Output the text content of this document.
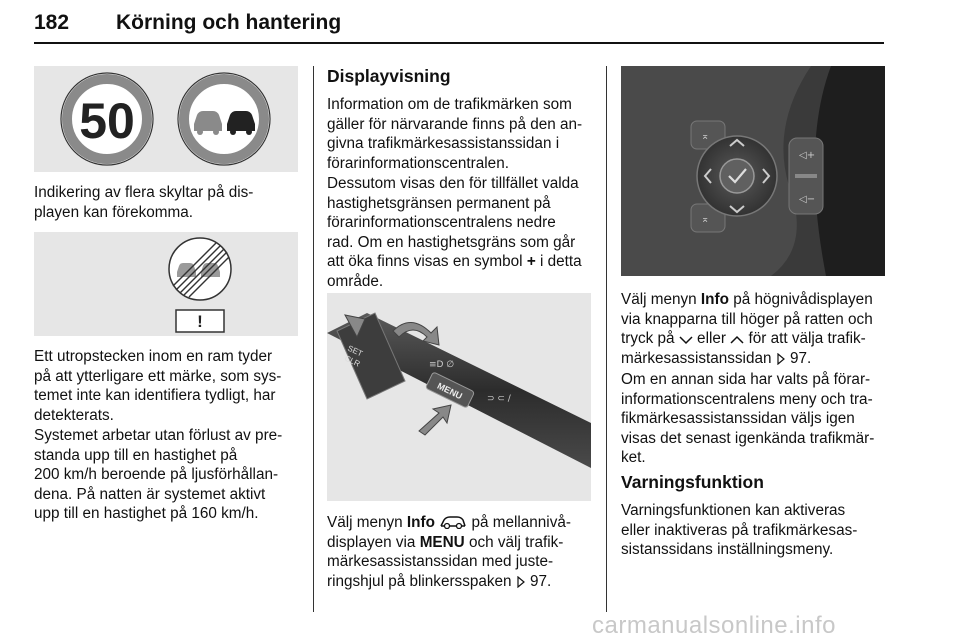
182 Körning och hantering
50

Indikering av flera skyltar på dis-
playen kan förekomma.

!

Ett utropstecken inom en ram tyder
på att ytterligare ett märke, som sys-
temet inte kan identifiera tydligt, har
detekterats.

Systemet arbetar utan förlust av pre-
standa upp till en hastighet på
200 km/h beroende på ljusförhållan-
dena. På natten är systemet aktivt
upp till en hastighet på 160 km/h.

Displayvisning

Information om de trafikmärken som
gäller för närvarande finns på den an-
givna trafikmärkesassistanssidan i
förarinformationscentralen.

Dessutom visas den för tillfället valda
hastighetsgränsen permanent på
förarinformationscentralens nedre
rad. Om en hastighetsgräns som går
att öka finns visas en symbol + i detta
område.

SET
CLR
MENU
≡D ∅
⊃ ⊂ /

Välj menyn Info  på mellannivå-
displayen via MENU och välj trafik-
märkesassistanssidan med juste-
ringshjul på blinkersspaken  97.

⌅
⌅
◁+
◁−

Välj menyn Info på högnivådisplayen
via knapparna till höger på ratten och
tryck på  eller  för att välja trafik-
märkesassistanssidan  97.

Om en annan sida har valts på förar-
informationscentralens meny och tra-
fikmärkesassistanssidan väljs igen
visas det senast igenkända trafikmär-
ket.

Varningsfunktion

Varningsfunktionen kan aktiveras
eller inaktiveras på trafikmärkesas-
sistanssidans inställningsmeny.

carmanualsonline.info
